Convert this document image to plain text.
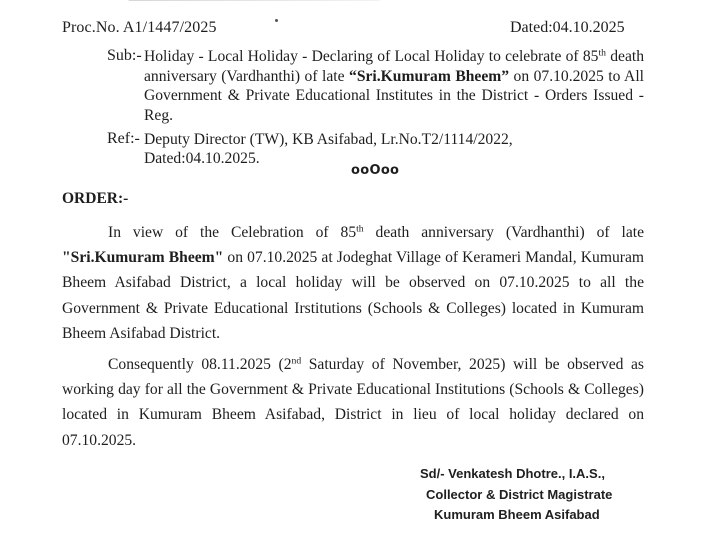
Proc.No. A1/1447/2025	Dated:04.10.2025
Sub:- Holiday - Local Holiday - Declaring of Local Holiday to celebrate of 85th death anniversary (Vardhanthi) of late “Sri.Kumuram Bheem” on 07.10.2025 to All Government & Private Educational Institutes in the District - Orders Issued - Reg.
Ref:- Deputy Director (TW), KB Asifabad, Lr.No.T2/1114/2022,
Dated:04.10.2025.
ooOoo
ORDER:-
In view of the Celebration of 85th death anniversary (Vardhanthi) of late "Sri.Kumuram Bheem" on 07.10.2025 at Jodeghat Village of Kerameri Mandal, Kumuram Bheem Asifabad District, a local holiday will be observed on 07.10.2025 to all the Government & Private Educational Irstitutions (Schools & Colleges) located in Kumuram Bheem Asifabad District.
Consequently 08.11.2025 (2nd Saturday of November, 2025) will be observed as working day for all the Government & Private Educational Institutions (Schools & Colleges) located in Kumuram Bheem Asifabad, District in lieu of local holiday declared on 07.10.2025.
Sd/- Venkatesh Dhotre., I.A.S.,
Collector & District Magistrate
Kumuram Bheem Asifabad
